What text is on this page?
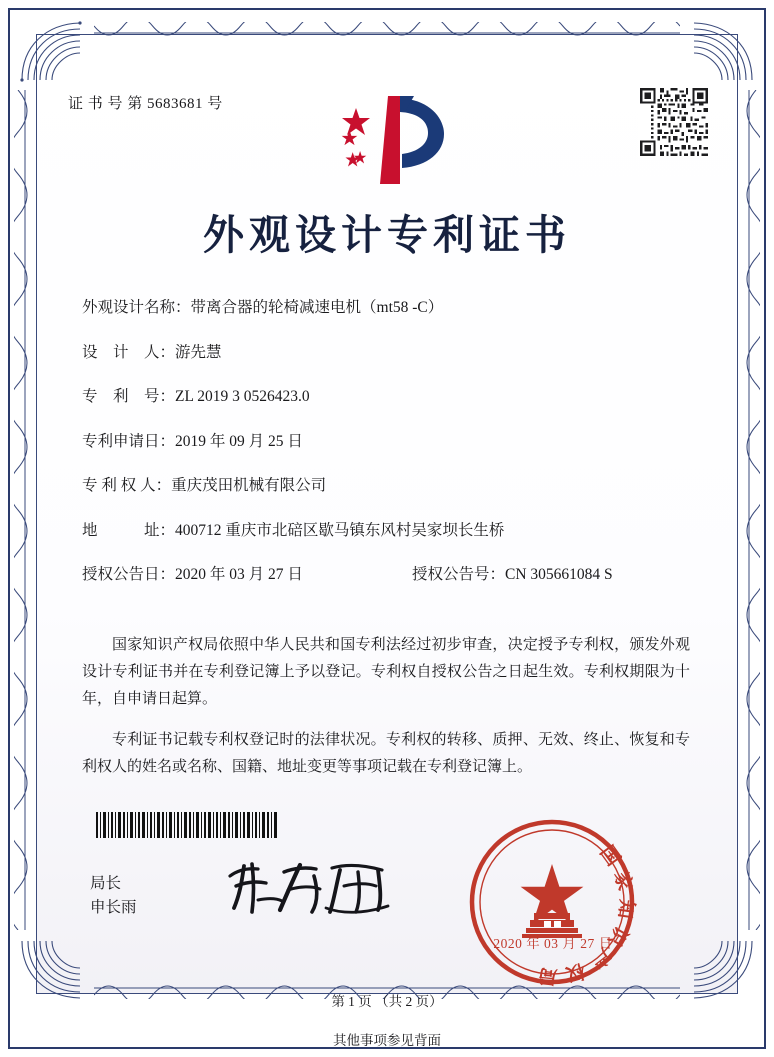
证 书 号 第 5683681 号
外观设计专利证书
外观设计名称： 带离合器的轮椅减速电机（mt58 -C）
设　计　人： 游先慧
专　利　号： ZL 2019 3 0526423.0
专利申请日： 2019 年 09 月 25 日
专 利 权 人： 重庆茂田机械有限公司
地　　　址： 400712 重庆市北碚区歇马镇东风村吴家坝长生桥
授权公告日： 2020 年 03 月 27 日	授权公告号： CN 305661084 S

国家知识产权局依照中华人民共和国专利法经过初步审查，决定授予专利权，颁发外观设计专利证书并在专利登记簿上予以登记。专利权自授权公告之日起生效。专利权期限为十年，自申请日起算。

专利证书记载专利权登记时的法律状况。专利权的转移、质押、无效、终止、恢复和专利权人的姓名或名称、国籍、地址变更等事项记载在专利登记簿上。

局长
申长雨
国家知识产权局
2020 年 03 月 27 日
第 1 页 （共 2 页）
其他事项参见背面
